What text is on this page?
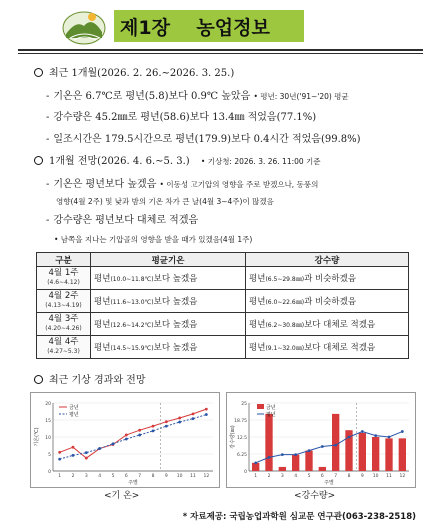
제1장    농업정보
최근 1개월(2026. 2. 26.∼2026. 3. 25.)
- 기온은 6.7℃로 평년(5.8)보다 0.9℃ 높았음 • 평년: 30년('91∼'20) 평균
- 강수량은 45.2㎜로 평년(58.6)보다 13.4㎜ 적었음(77.1%)
- 일조시간은 179.5시간으로 평년(179.9)보다 0.4시간 적었음(99.8%)
1개월 전망(2026. 4. 6.∼5. 3.) • 기상청: 2026. 3. 26. 11:00 기준
- 기온은 평년보다 높겠음 • 이동성 고기압의 영향을 주로 받겠으나, 동풍의
영향(4월 2주) 및 낮과 밤의 기온 차가 큰 날(4월 3∼4주)이 많겠음
- 강수량은 평년보다 대체로 적겠음
• 남쪽을 지나는 기압골의 영향을 받을 때가 있겠음(4월 1주)
구분	평균기온	강수량

4월 1주
(4.6∼4.12)	평년(10.0∼11.8℃)보다 높겠음	평년(6.5∼29.8㎜)과 비슷하겠음

4월 2주
(4.13∼4.19)	평년(11.6∼13.0℃)보다 높겠음	평년(6.0∼22.6㎜)과 비슷하겠음

4월 3주
(4.20∼4.26)	평년(12.6∼14.2℃)보다 높겠음	평년(6.2∼30.8㎜)보다 대체로 적겠음

4월 4주
(4.27∼5.3)	평년(14.5∼15.9℃)보다 높겠음	평년(9.1∼32.0㎜)보다 대체로 적겠음
최근 기상 경과와 전망
0
5
10
15
20
기온(℃)
주별
1 2 3 4 5 6 7 8 9 10 11 12
금년
평년
<기 온>
0
6.25
12.5
18.75
25
강수량(㎜)
주별
1 2 3 4 5 6 7 8 9 10 11 12
금년
평년
<강수량>
* 자료제공: 국립농업과학원 심교문 연구관(063-238-2518)
